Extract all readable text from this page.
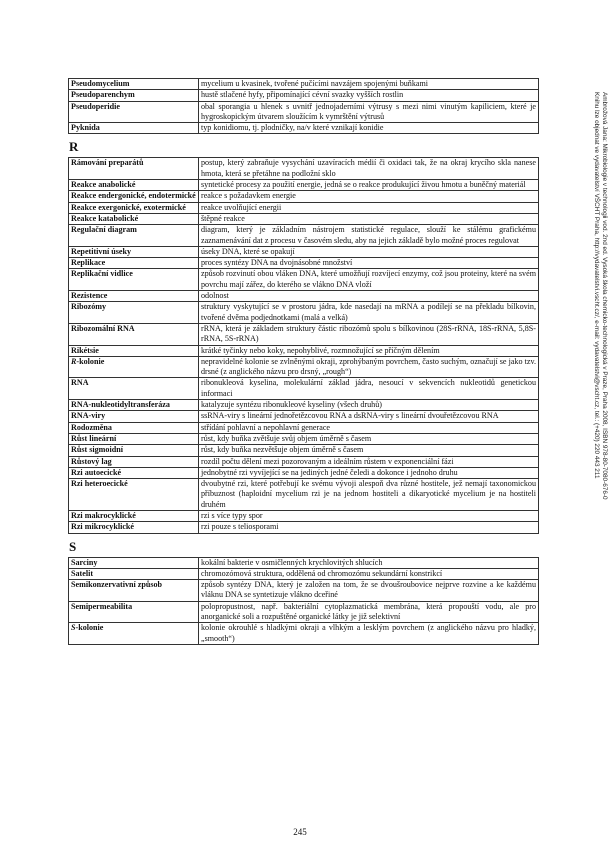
Ambrožová Jana: Mikrobiologie v technologii vod. 2nd ed. Vysoká škola chemicko-technologická v Praze, Praha 2008, ISBN 978-80-7080-676-0
Knihu lze objednat ve vydavatelství VŠCHT Praha, http://vydavatelstvi.vscht.cz/, e-mail: vydavatelstvi@vscht.cz, tel.: (+420) 220 443 211
Pseudomycelium	mycelium u kvasinek, tvořené pučícími navzájem spojenými buňkami
Pseudoparenchym	hustě stlačené hyfy, připomínající cévní svazky vyšších rostlin
Pseudoperidie	obal sporangia u hlenek s uvnitř jednojaderními výtrusy s mezi nimi vinutým kapiliciem, které je hygroskopickým útvarem sloužícím k vymrštění výtrusů
Pyknida	typ konidiomu, tj. plodničky, na/v které vznikají konidie
R
Rámování preparátů	postup, který zabraňuje vysychání uzavíracích médií či oxidaci tak, že na okraj krycího skla nanese hmota, která se přetáhne na podložní sklo
Reakce anabolické	syntetické procesy za použití energie, jedná se o reakce produkující živou hmotu a buněčný materiál
Reakce endergonické, endotermické	reakce s požadavkem energie
Reakce exergonické, exotermické	reakce uvolňující energii
Reakce katabolické	štěpné reakce
Regulační diagram	diagram, který je základním nástrojem statistické regulace, slouží ke stálému grafickému zaznamenávání dat z procesu v časovém sledu, aby na jejich základě bylo možné proces regulovat
Repetitivní úseky	úseky DNA, které se opakují
Replikace	proces syntézy DNA na dvojnásobné množství
Replikační vidlice	způsob rozvinutí obou vláken DNA, které umožňují rozvíjecí enzymy, což jsou proteiny, které na svém povrchu mají zářez, do kterého se vlákno DNA vloží
Rezistence	odolnost
Ribozómy	struktury vyskytující se v prostoru jádra, kde nasedají na mRNA a podílejí se na překladu bílkovin, tvořené dvěma podjednotkami (malá a velká)
Ribozomální RNA	rRNA, která je základem struktury částic ribozómů spolu s bílkovinou (28S-rRNA, 18S-rRNA, 5,8S-rRNA, 5S-rRNA)
Rikétsie	krátké tyčinky nebo koky, nepohyblivé, rozmnožující se příčným dělením
R-kolonie	nepravidelné kolonie se zvlněnými okraji, zprohýbaným povrchem, často suchým, označují se jako tzv. drsné (z anglického názvu pro drsný, „rough“)
RNA	ribonukleová kyselina, molekulární základ jádra, nesoucí v sekvencích nukleotidů genetickou informaci
RNA-nukleotidyltransferáza	katalyzuje syntézu ribonukleové kyseliny (všech druhů)
RNA-viry	ssRNA-viry s lineární jednořetězcovou RNA a dsRNA-viry s lineární dvouřetězcovou RNA
Rodozměna	střídání pohlavní a nepohlavní generace
Růst lineární	růst, kdy buňka zvětšuje svůj objem úměrně s časem
Růst sigmoidní	růst, kdy buňka nezvětšuje objem úměrně s časem
Růstový lag	rozdíl počtu dělení mezi pozorovaným a ideálním růstem v exponenciální fázi
Rzi autoecické	jednobytné rzi vyvíjející se na jediných jedné čeledi a dokonce i jednoho druhu
Rzi heteroecické	dvoubytné rzi, které potřebují ke svému vývoji alespoň dva různé hostitele, jež nemají taxonomickou příbuznost (haploidní mycelium rzi je na jednom hostiteli a dikaryotické mycelium je na hostiteli druhém
Rzi makrocyklické	rzi s více typy spor
Rzi mikrocyklické	rzi pouze s teliosporami
S
Sarciny	kokální bakterie v osmičlenných krychlovitých shlucích
Satelit	chromozómová struktura, oddělená od chromozómu sekundární konstrikcí
Semikonzervativní způsob	způsob syntézy DNA, který je založen na tom, že se dvoušroubovice nejprve rozvine a ke každému vláknu DNA se syntetizuje vlákno dceřiné
Semipermeabilita	polopropustnost, např. bakteriální cytoplazmatická membrána, která propouští vodu, ale pro anorganické soli a rozpuštěné organické látky je již selektivní
S-kolonie	kolonie okrouhlé s hladkými okraji a vlhkým a lesklým povrchem (z anglického názvu pro hladký, „smooth“)
245
